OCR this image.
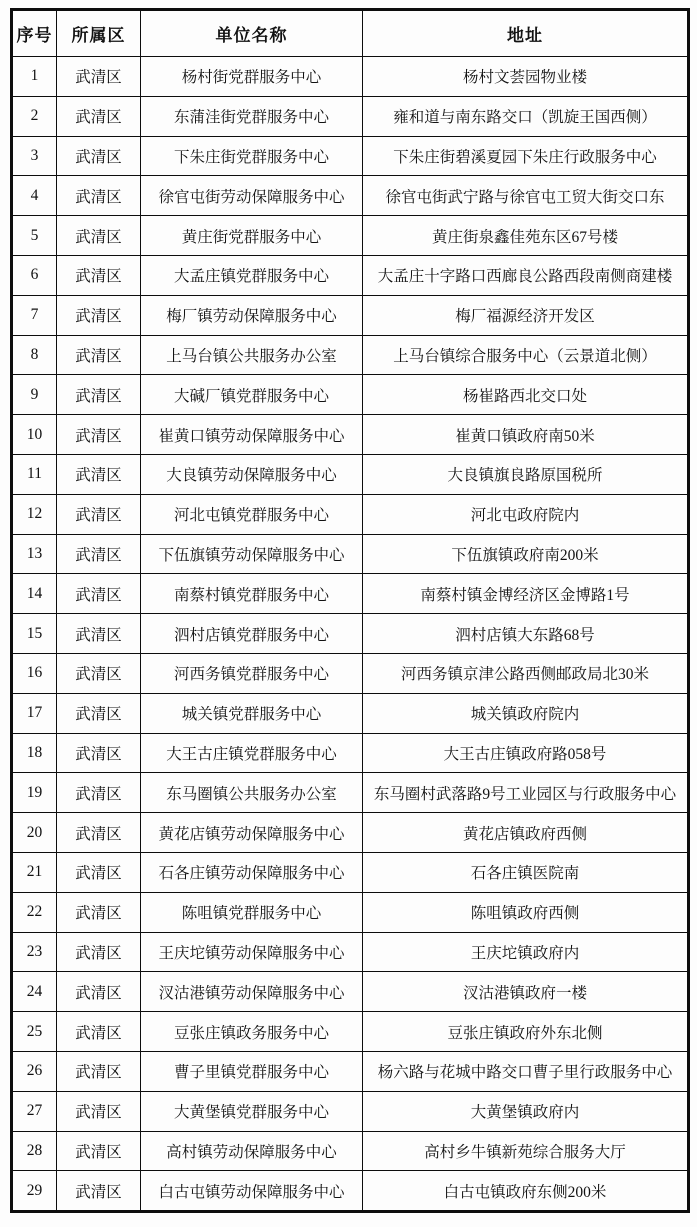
序号	所属区	单位名称	地址
1	武清区	杨村街党群服务中心	杨村文荟园物业楼
2	武清区	东蒲洼街党群服务中心	雍和道与南东路交口（凯旋王国西侧）
3	武清区	下朱庄街党群服务中心	下朱庄街碧溪夏园下朱庄行政服务中心
4	武清区	徐官屯街劳动保障服务中心	徐官屯街武宁路与徐官屯工贸大街交口东
5	武清区	黄庄街党群服务中心	黄庄街泉鑫佳苑东区67号楼
6	武清区	大孟庄镇党群服务中心	大孟庄十字路口西廊良公路西段南侧商建楼
7	武清区	梅厂镇劳动保障服务中心	梅厂福源经济开发区
8	武清区	上马台镇公共服务办公室	上马台镇综合服务中心（云景道北侧）
9	武清区	大碱厂镇党群服务中心	杨崔路西北交口处
10	武清区	崔黄口镇劳动保障服务中心	崔黄口镇政府南50米
11	武清区	大良镇劳动保障服务中心	大良镇旗良路原国税所
12	武清区	河北屯镇党群服务中心	河北屯政府院内
13	武清区	下伍旗镇劳动保障服务中心	下伍旗镇政府南200米
14	武清区	南蔡村镇党群服务中心	南蔡村镇金博经济区金博路1号
15	武清区	泗村店镇党群服务中心	泗村店镇大东路68号
16	武清区	河西务镇党群服务中心	河西务镇京津公路西侧邮政局北30米
17	武清区	城关镇党群服务中心	城关镇政府院内
18	武清区	大王古庄镇党群服务中心	大王古庄镇政府路058号
19	武清区	东马圈镇公共服务办公室	东马圈村武落路9号工业园区与行政服务中心
20	武清区	黄花店镇劳动保障服务中心	黄花店镇政府西侧
21	武清区	石各庄镇劳动保障服务中心	石各庄镇医院南
22	武清区	陈咀镇党群服务中心	陈咀镇政府西侧
23	武清区	王庆坨镇劳动保障服务中心	王庆坨镇政府内
24	武清区	汊沽港镇劳动保障服务中心	汊沽港镇政府一楼
25	武清区	豆张庄镇政务服务中心	豆张庄镇政府外东北侧
26	武清区	曹子里镇党群服务中心	杨六路与花城中路交口曹子里行政服务中心
27	武清区	大黄堡镇党群服务中心	大黄堡镇政府内
28	武清区	高村镇劳动保障服务中心	高村乡牛镇新苑综合服务大厅
29	武清区	白古屯镇劳动保障服务中心	白古屯镇政府东侧200米
